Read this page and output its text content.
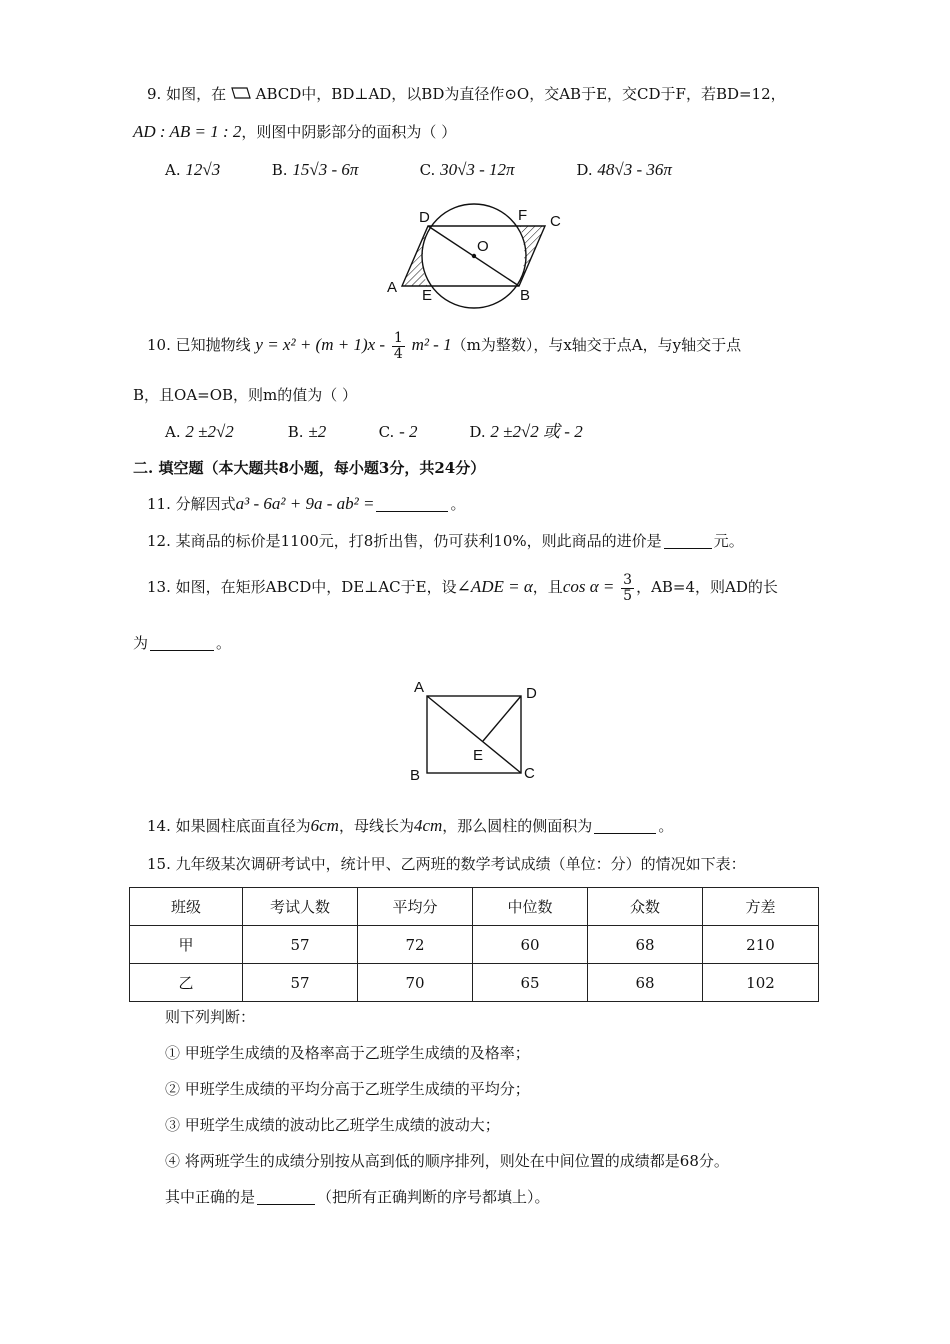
9. 如图，在 ABCD中，BD⊥AD，以BD为直径作⊙O，交AB于E，交CD于F，若BD=12，
AD : AB = 1 : 2，则图中阴影部分的面积为（ ）
A. 12√3	B. 15√3 - 6π	C. 30√3 - 12π	D. 48√3 - 36π
D	F C
O
A E	B
10. 已知抛物线 $y = x^2 + (m + 1)x - \frac{1}{4} m^2 - 1(m$为整数），与x轴交于点A，与y轴交于点
B，且OA=OB，则m的值为（ ）
A. 2 ±2√2	B. ±2	C. - 2	D. 2 ±2√2 或 - 2
二. 填空题（本大题共8小题，每小题3分，共24分）
11. 分解因式a³ - 6a² + 9a - ab² =	。
12. 某商品的标价是1100元，打8折出售，仍可获利10%，则此商品的进价是	元。
13. 如图，在矩形ABCD中，DE⊥AC于E，设∠ADE = α，且$\cos \alpha = \frac{3}{5}$ ，AB=4，则AD的长
为	。
A	D
E
B	C
14. 如果圆柱底面直径为6cm，母线长为4cm，那么圆柱的侧面积为	。
15. 九年级某次调研考试中，统计甲、乙两班的数学考试成绩（单位：分）的情况如下表：
班级	考试人数	平均分	中位数	众数	方差
甲	57	72	60	68	210
乙	57	70	65	68	102
则下列判断：
① 甲班学生成绩的及格率高于乙班学生成绩的及格率；
② 甲班学生成绩的平均分高于乙班学生成绩的平均分；
③ 甲班学生成绩的波动比乙班学生成绩的波动大；
④ 将两班学生的成绩分别按从高到低的顺序排列，则处在中间位置的成绩都是68分。
其中正确的是	（把所有正确判断的序号都填上）。
